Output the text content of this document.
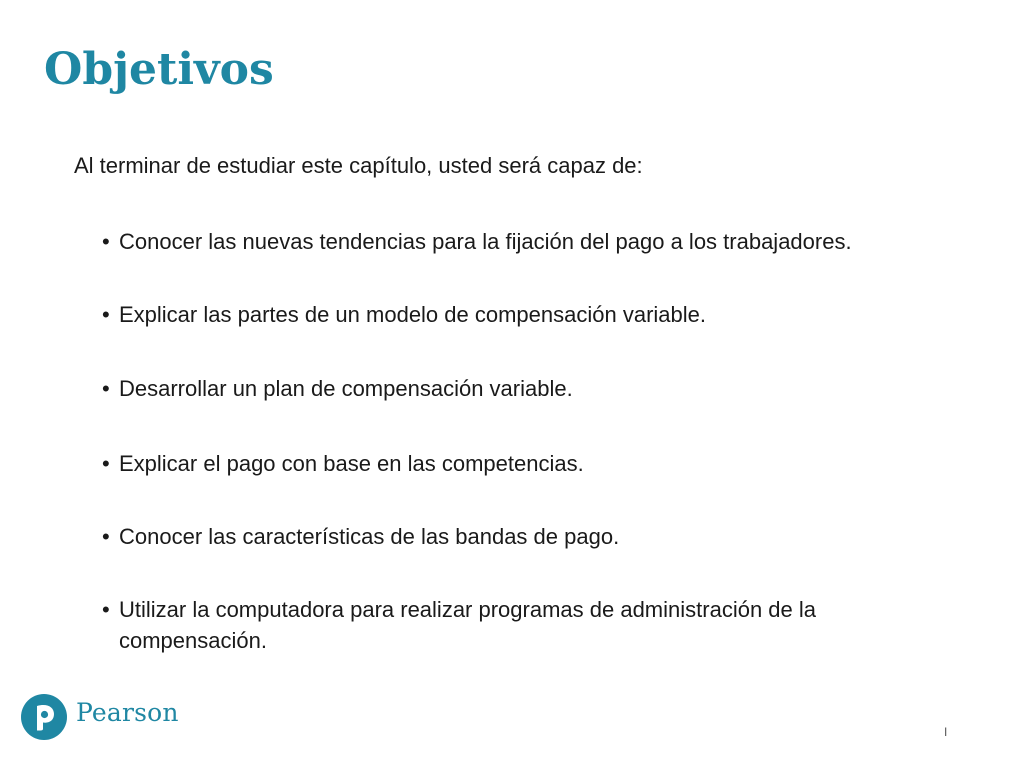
Objetivos

Al terminar de estudiar este capítulo, usted será capaz de:

• Conocer las nuevas tendencias para la fijación del pago a los trabajadores.

• Explicar las partes de un modelo de compensación variable.

• Desarrollar un plan de compensación variable.

• Explicar el pago con base en las competencias.

• Conocer las características de las bandas de pago.

• Utilizar la computadora para realizar programas de administración de la compensación.

Pearson
I
